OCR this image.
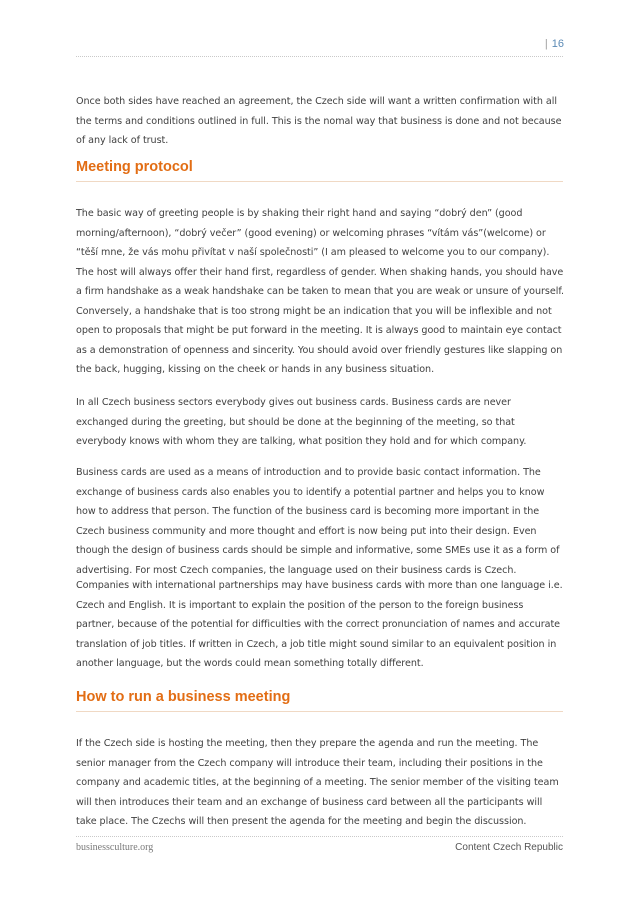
| 16

Once both sides have reached an agreement, the Czech side will want a written confirmation with all the terms and conditions outlined in full. This is the nomal way that business is done and not because of any lack of trust.

Meeting protocol

The basic way of greeting people is by shaking their right hand and saying “dobrý den” (good morning/afternoon), “dobrý večer” (good evening) or welcoming phrases “vítám vás”(welcome) or “těší mne, že vás mohu přivítat v naší společnosti” (I am pleased to welcome you to our company). The host will always offer their hand first, regardless of gender. When shaking hands, you should have a firm handshake as a weak handshake can be taken to mean that you are weak or unsure of yourself. Conversely, a handshake that is too strong might be an indication that you will be inflexible and not open to proposals that might be put forward in the meeting. It is always good to maintain eye contact as a demonstration of openness and sincerity. You should avoid over friendly gestures like slapping on the back, hugging, kissing on the cheek or hands in any business situation.

In all Czech business sectors everybody gives out business cards. Business cards are never exchanged during the greeting, but should be done at the beginning of the meeting, so that everybody knows with whom they are talking, what position they hold and for which company.

Business cards are used as a means of introduction and to provide basic contact information. The exchange of business cards also enables you to identify a potential partner and helps you to know how to address that person. The function of the business card is becoming more important in the Czech business community and more thought and effort is now being put into their design. Even though the design of business cards should be simple and informative, some SMEs use it as a form of advertising. For most Czech companies, the language used on their business cards is Czech.

Companies with international partnerships may have business cards with more than one language i.e. Czech and English. It is important to explain the position of the person to the foreign business partner, because of the potential for difficulties with the correct pronunciation of names and accurate translation of job titles. If written in Czech, a job title might sound similar to an equivalent position in another language, but the words could mean something totally different.

How to run a business meeting

If the Czech side is hosting the meeting, then they prepare the agenda and run the meeting. The senior manager from the Czech company will introduce their team, including their positions in the company and academic titles, at the beginning of a meeting. The senior member of the visiting team will then introduces their team and an exchange of business card between all the participants will take place. The Czechs will then present the agenda for the meeting and begin the discussion.

businessculture.org	Content Czech Republic
